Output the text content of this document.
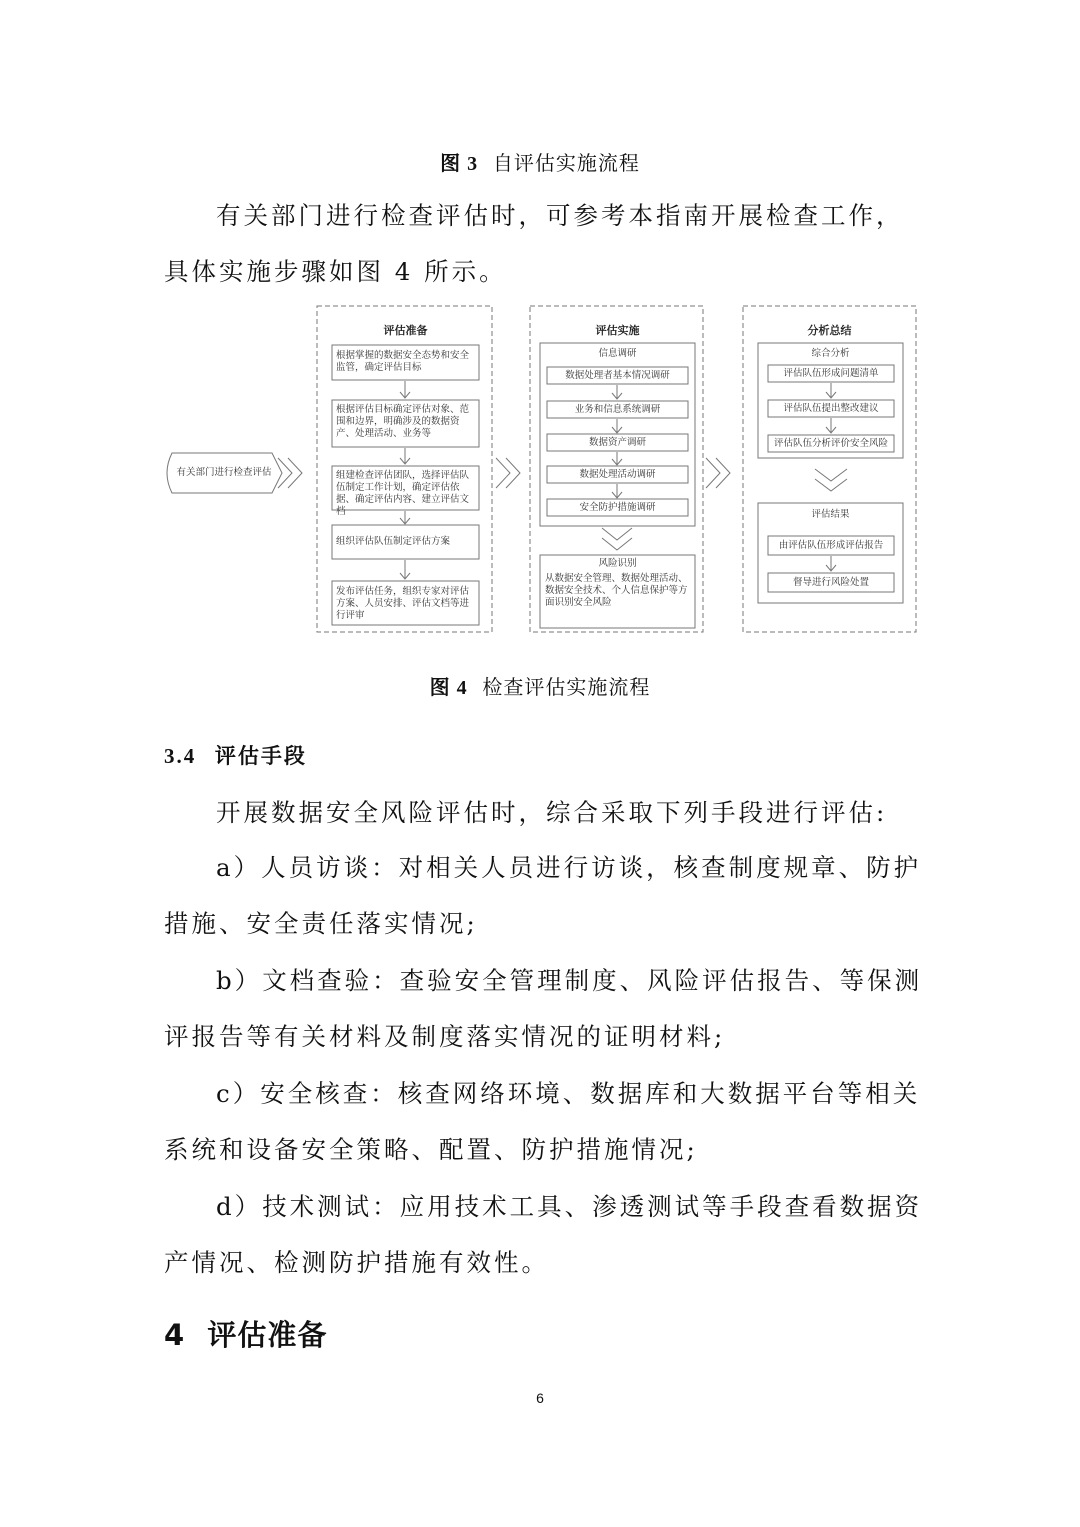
图 3 自评估实施流程
有关部门进行检查评估时，可参考本指南开展检查工作，具体实施步骤如图 4 所示。
有关部门进行检查评估
评估准备
根据掌握的数据安全态势和安全监管，确定评估目标
根据评估目标确定评估对象、范围和边界，明确涉及的数据资产、处理活动、业务等
组建检查评估团队，选择评估队伍制定工作计划，确定评估依据、确定评估内容、建立评估文档
组织评估队伍制定评估方案
发布评估任务，组织专家对评估方案、人员安排、评估文档等进行评审
评估实施
信息调研
数据处理者基本情况调研
业务和信息系统调研
数据资产调研
数据处理活动调研
安全防护措施调研
风险识别
从数据安全管理、数据处理活动、数据安全技术、个人信息保护等方面识别安全风险
分析总结
综合分析
评估队伍形成问题清单
评估队伍提出整改建议
评估队伍分析评价安全风险
评估结果
由评估队伍形成评估报告
督导进行风险处置
图 4 检查评估实施流程
3.4 评估手段
开展数据安全风险评估时，综合采取下列手段进行评估:
a）人员访谈：对相关人员进行访谈，核查制度规章、防护措施、安全责任落实情况;
b）文档查验：查验安全管理制度、风险评估报告、等保测评报告等有关材料及制度落实情况的证明材料;
c）安全核查：核查网络环境、数据库和大数据平台等相关系统和设备安全策略、配置、防护措施情况;
d）技术测试：应用技术工具、渗透测试等手段查看数据资产情况、检测防护措施有效性。
4 评估准备
6
